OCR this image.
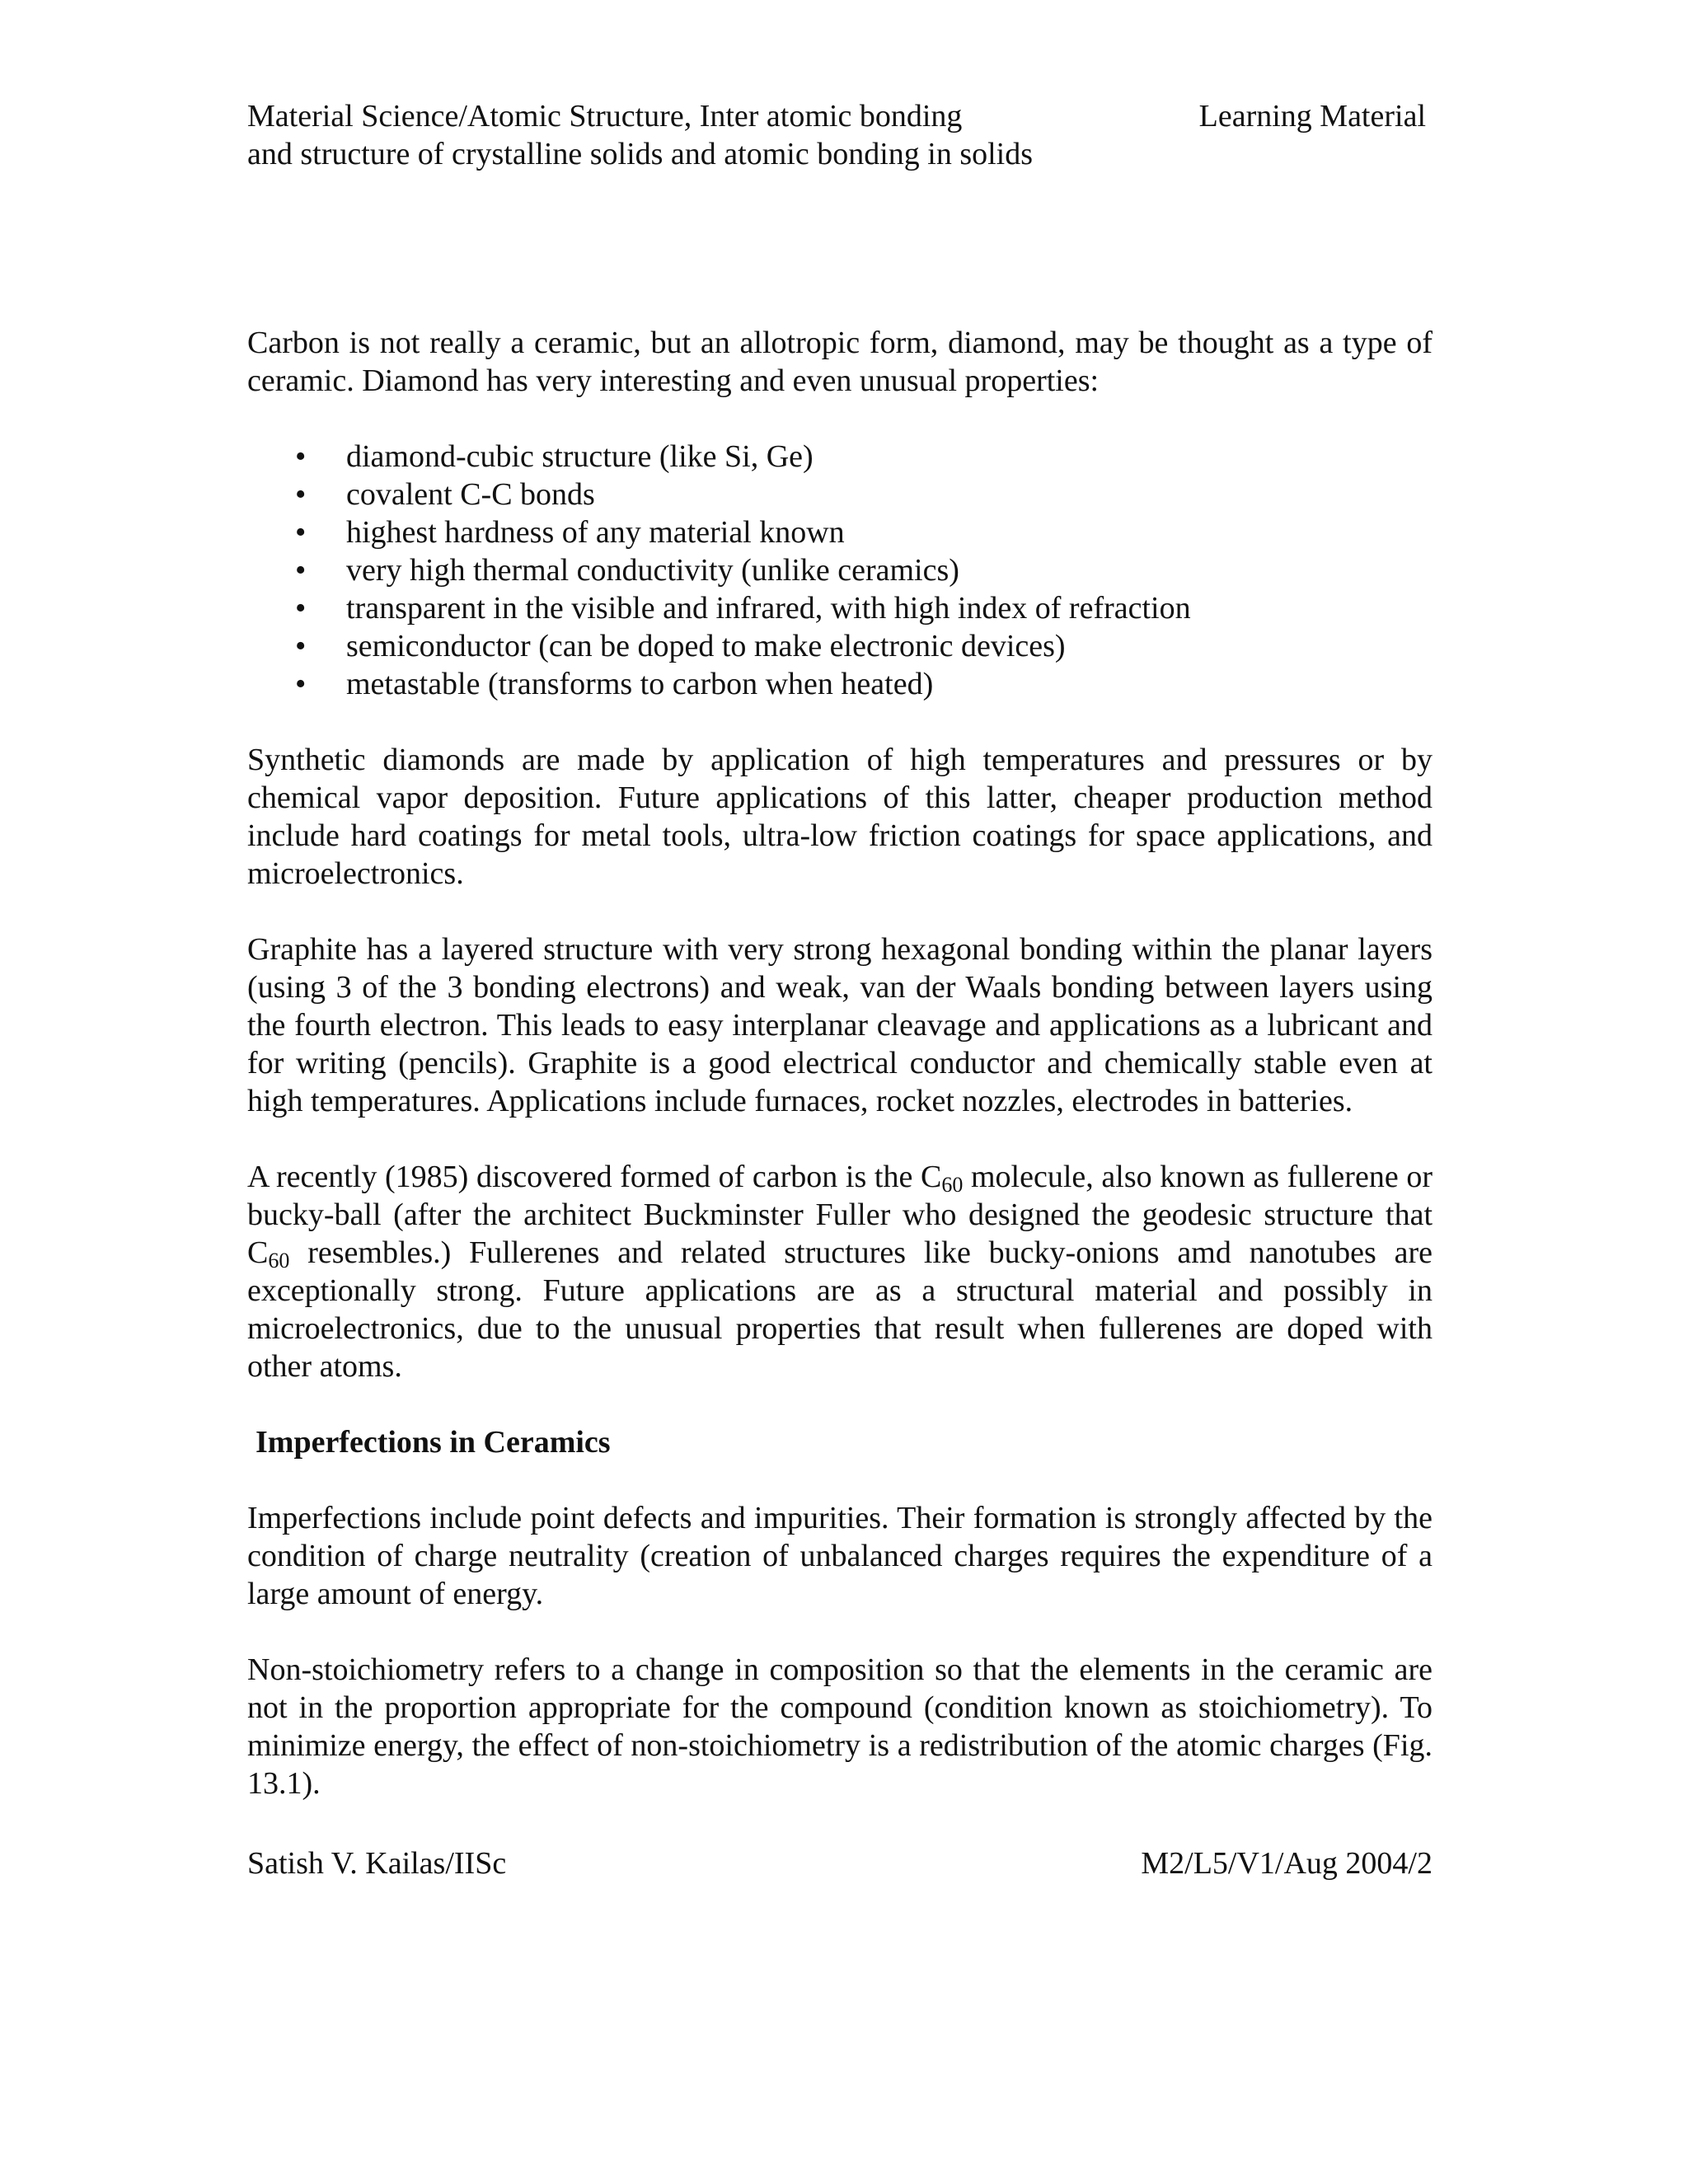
Material Science/Atomic Structure, Inter atomic bonding
and structure of crystalline solids and atomic bonding in solids
Learning Material

Carbon is not really a ceramic, but an allotropic form, diamond, may be thought as a type of ceramic. Diamond has very interesting and even unusual properties:

• diamond-cubic structure (like Si, Ge)
• covalent C-C bonds
• highest hardness of any material known
• very high thermal conductivity (unlike ceramics)
• transparent in the visible and infrared, with high index of refraction
• semiconductor (can be doped to make electronic devices)
• metastable (transforms to carbon when heated)

Synthetic diamonds are made by application of high temperatures and pressures or by chemical vapor deposition. Future applications of this latter, cheaper production method include hard coatings for metal tools, ultra-low friction coatings for space applications, and microelectronics.

Graphite has a layered structure with very strong hexagonal bonding within the planar layers (using 3 of the 3 bonding electrons) and weak, van der Waals bonding between layers using the fourth electron. This leads to easy interplanar cleavage and applications as a lubricant and for writing (pencils). Graphite is a good electrical conductor and chemically stable even at high temperatures. Applications include furnaces, rocket nozzles, electrodes in batteries.

A recently (1985) discovered formed of carbon is the $C_{60}$ molecule, also known as fullerene or bucky-ball (after the architect Buckminster Fuller who designed the geodesic structure that $C_{60}$ resembles.) Fullerenes and related structures like bucky-onions amd nanotubes are exceptionally strong. Future applications are as a structural material and possibly in microelectronics, due to the unusual properties that result when fullerenes are doped with other atoms.

Imperfections in Ceramics

Imperfections include point defects and impurities. Their formation is strongly affected by the condition of charge neutrality (creation of unbalanced charges requires the expenditure of a large amount of energy.

Non-stoichiometry refers to a change in composition so that the elements in the ceramic are not in the proportion appropriate for the compound (condition known as stoichiometry). To minimize energy, the effect of non-stoichiometry is a redistribution of the atomic charges (Fig. 13.1).

Satish V. Kailas/IISc	M2/L5/V1/Aug 2004/2
